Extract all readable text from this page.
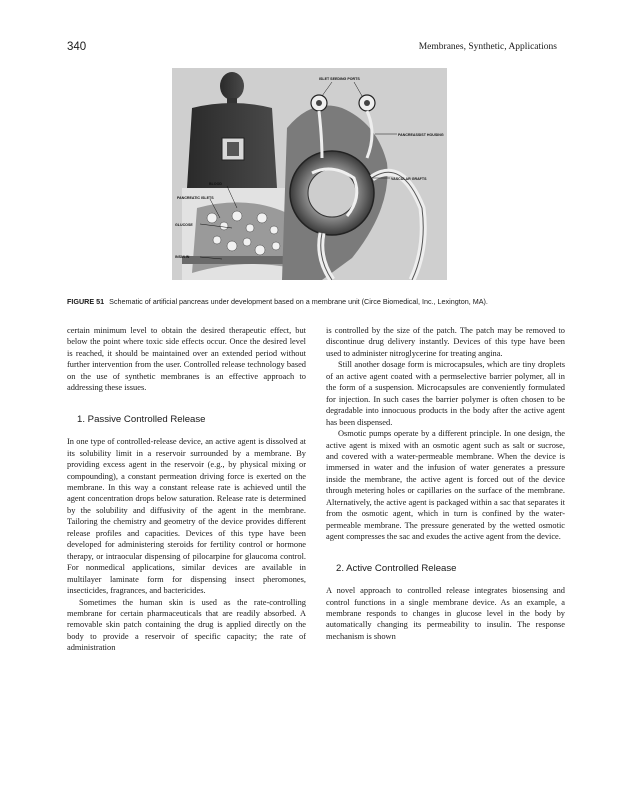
340	Membranes, Synthetic, Applications
ISLET SEEDING PORTS
PANCREASSIST HOUSING
VASCULAR GRAFTS
BLOOD
PANCREATIC ISLETS
GLUCOSE
INSULIN
FIGURE 51 Schematic of artificial pancreas under development based on a membrane unit (Circe Biomedical, Inc., Lexington, MA).

certain minimum level to obtain the desired therapeutic effect, but below the point where toxic side effects occur. Once the desired level is reached, it should be maintained over an extended period without further intervention from the user. Controlled release technology based on the use of synthetic membranes is an effective approach to addressing these issues.

1. Passive Controlled Release

In one type of controlled-release device, an active agent is dissolved at its solubility limit in a reservoir surrounded by a membrane. By providing excess agent in the reservoir (e.g., by physical mixing or compounding), a constant permeation driving force is exerted on the membrane. In this way a constant release rate is achieved until the agent concentration drops below saturation. Release rate is determined by the solubility and diffusivity of the agent in the membrane. Tailoring the chemistry and geometry of the device provides different release profiles and capacities. Devices of this type have been developed for administering steroids for fertility control or hormone therapy, or intraocular dispensing of pilocarpine for glaucoma control. For nonmedical applications, similar devices are available in multilayer laminate form for dispensing insect pheromones, insecticides, fragrances, and bactericides.

Sometimes the human skin is used as the rate-controlling membrane for certain pharmaceuticals that are readily absorbed. A removable skin patch containing the drug is applied directly on the body to provide a reservoir of specific capacity; the rate of administration

is controlled by the size of the patch. The patch may be removed to discontinue drug delivery instantly. Devices of this type have been used to administer nitroglycerine for treating angina.

Still another dosage form is microcapsules, which are tiny droplets of an active agent coated with a permselective barrier polymer, all in the form of a suspension. Microcapsules are conveniently formulated for injection. In such cases the barrier polymer is often chosen to be degradable into innocuous products in the body after the active agent has been dispensed.

Osmotic pumps operate by a different principle. In one design, the active agent is mixed with an osmotic agent such as salt or sucrose, and covered with a water-permeable membrane. When the device is immersed in water and the infusion of water generates a pressure inside the membrane, the active agent is forced out of the device through metering holes or capillaries on the surface of the membrane. Alternatively, the active agent is packaged within a sac that separates it from the osmotic agent, which in turn is confined by the water-permeable membrane. The pressure generated by the wetted osmotic agent compresses the sac and exudes the active agent from the device.

2. Active Controlled Release

A novel approach to controlled release integrates biosensing and control functions in a single membrane device. As an example, a membrane responds to changes in glucose level in the body by automatically changing its permeability to insulin. The response mechanism is shown
